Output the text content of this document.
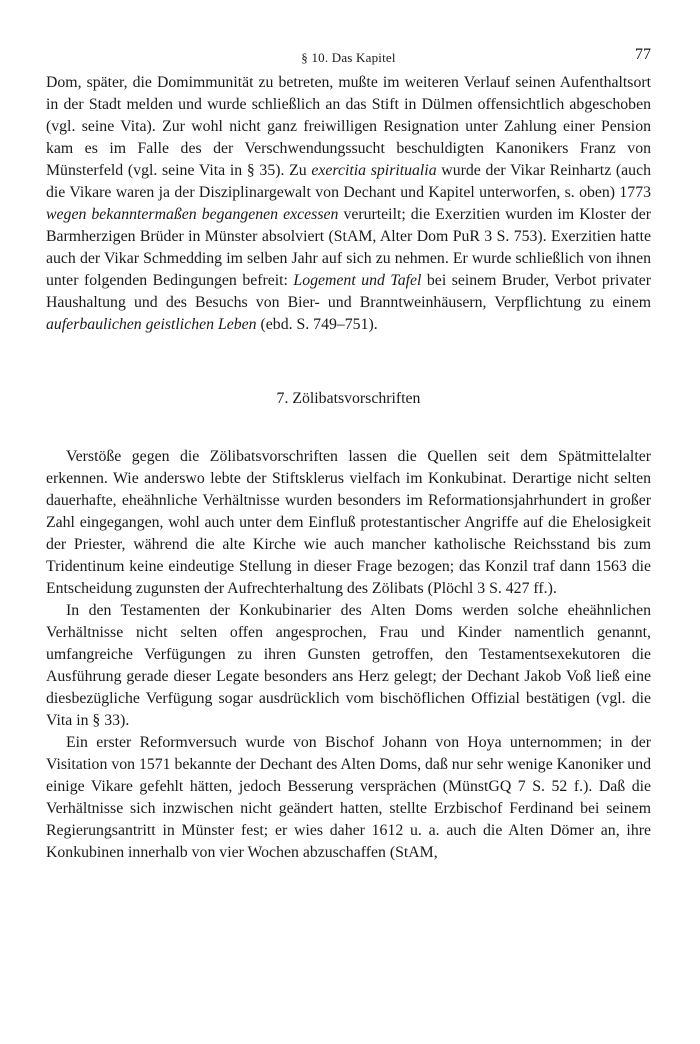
§ 10. Das Kapitel	77

Dom, später, die Domimmunität zu betreten, mußte im weiteren Verlauf seinen Aufenthaltsort in der Stadt melden und wurde schließlich an das Stift in Dülmen offensichtlich abgeschoben (vgl. seine Vita). Zur wohl nicht ganz freiwilligen Resignation unter Zahlung einer Pension kam es im Falle des der Verschwendungssucht beschuldigten Kanonikers Franz von Münsterfeld (vgl. seine Vita in § 35). Zu exercitia spiritualia wurde der Vikar Reinhartz (auch die Vikare waren ja der Disziplinargewalt von Dechant und Kapitel unterworfen, s. oben) 1773 wegen bekanntermaßen begangenen excessen verurteilt; die Exerzitien wurden im Kloster der Barmherzigen Brüder in Münster absolviert (StAM, Alter Dom PuR 3 S. 753). Exerzitien hatte auch der Vikar Schmedding im selben Jahr auf sich zu nehmen. Er wurde schließlich von ihnen unter folgenden Bedingungen befreit: Logement und Tafel bei seinem Bruder, Verbot privater Haushaltung und des Besuchs von Bier- und Branntweinhäusern, Verpflichtung zu einem auferbaulichen geistlichen Leben (ebd. S. 749–751).

7. Zölibatsvorschriften

Verstöße gegen die Zölibatsvorschriften lassen die Quellen seit dem Spätmittelalter erkennen. Wie anderswo lebte der Stiftsklerus vielfach im Konkubinat. Derartige nicht selten dauerhafte, eheähnliche Verhältnisse wurden besonders im Reformationsjahrhundert in großer Zahl eingegangen, wohl auch unter dem Einfluß protestantischer Angriffe auf die Ehelosigkeit der Priester, während die alte Kirche wie auch mancher katholische Reichsstand bis zum Tridentinum keine eindeutige Stellung in dieser Frage bezogen; das Konzil traf dann 1563 die Entscheidung zugunsten der Aufrechterhaltung des Zölibats (Plöchl 3 S. 427 ff.).

In den Testamenten der Konkubinarier des Alten Doms werden solche eheähnlichen Verhältnisse nicht selten offen angesprochen, Frau und Kinder namentlich genannt, umfangreiche Verfügungen zu ihren Gunsten getroffen, den Testamentsexekutoren die Ausführung gerade dieser Legate besonders ans Herz gelegt; der Dechant Jakob Voß ließ eine diesbezügliche Verfügung sogar ausdrücklich vom bischöflichen Offizial bestätigen (vgl. die Vita in § 33).

Ein erster Reformversuch wurde von Bischof Johann von Hoya unternommen; in der Visitation von 1571 bekannte der Dechant des Alten Doms, daß nur sehr wenige Kanoniker und einige Vikare gefehlt hätten, jedoch Besserung versprächen (MünstGQ 7 S. 52 f.). Daß die Verhältnisse sich inzwischen nicht geändert hatten, stellte Erzbischof Ferdinand bei seinem Regierungsantritt in Münster fest; er wies daher 1612 u. a. auch die Alten Dömer an, ihre Konkubinen innerhalb von vier Wochen abzuschaffen (StAM,
